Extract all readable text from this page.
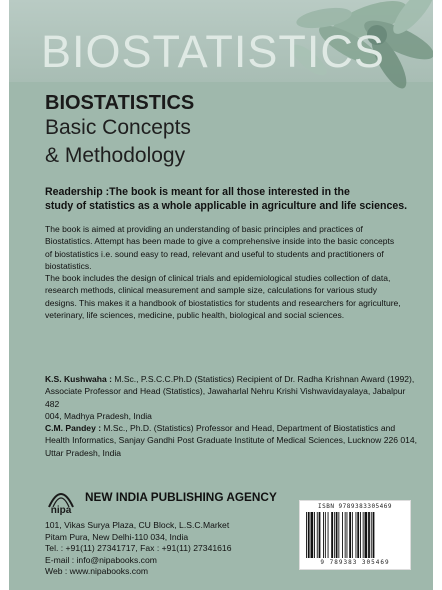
BIOSTATISTICS
BIOSTATISTICS
Basic Concepts
& Methodology
Readership :The book is meant for all those interested in the
study of statistics as a whole applicable in agriculture and life sciences.
The book is aimed at providing an understanding of basic principles and practices of
Biostatistics. Attempt has been made to give a comprehensive inside into the basic concepts
of biostatistics i.e. sound easy to read, relevant and useful to students and practitioners of
biostatistics.
The book includes the design of clinical trials and epidemiological studies collection of data,
research methods, clinical measurement and sample size, calculations for various study
designs. This makes it a handbook of biostatistics for students and researchers for agriculture,
veterinary, life sciences, medicine, public health, biological and social sciences.
K.S. Kushwaha : M.Sc., P.S.C.C.Ph.D (Statistics) Recipient of Dr. Radha Krishnan Award (1992),
Associate Professor and Head (Statistics), Jawaharlal Nehru Krishi Vishwavidayalaya, Jabalpur 482
004, Madhya Pradesh, India
C.M. Pandey : M.Sc., Ph.D. (Statistics) Professor and Head, Department of Biostatistics and
Health Informatics, Sanjay Gandhi Post Graduate Institute of Medical Sciences, Lucknow 226 014,
Uttar Pradesh, India
nipa
NEW INDIA PUBLISHING AGENCY
101, Vikas Surya Plaza, CU Block, L.S.C.Market
Pitam Pura, New Delhi-110 034, India
Tel. : +91(11) 27341717, Fax : +91(11) 27341616
E-mail : info@nipabooks.com
Web : www.nipabooks.com
ISBN 9789383305469
9 789383 305469
